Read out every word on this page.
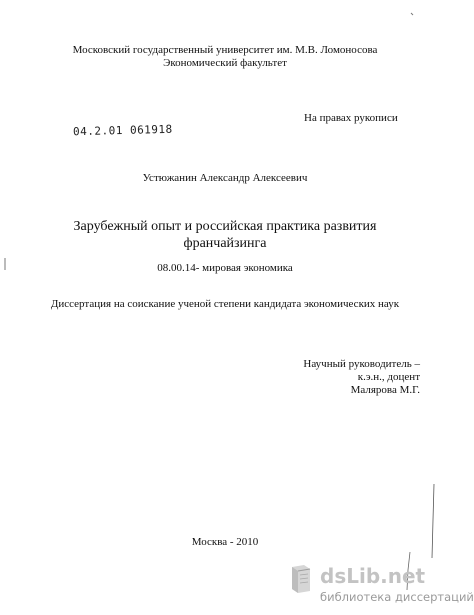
Московский государственный университет им. М.В. Ломоносова
Экономический факультет
На правах рукописи
04.2.01 061918
Устюжанин Александр Алексеевич
Зарубежный опыт и российская практика развития
франчайзинга
08.00.14- мировая экономика
Диссертация на соискание ученой степени кандидата экономических наук
Научный руководитель –
к.э.н., доцент
Малярова М.Г.
Москва - 2010
dsLib.net
библиотека диссертаций
